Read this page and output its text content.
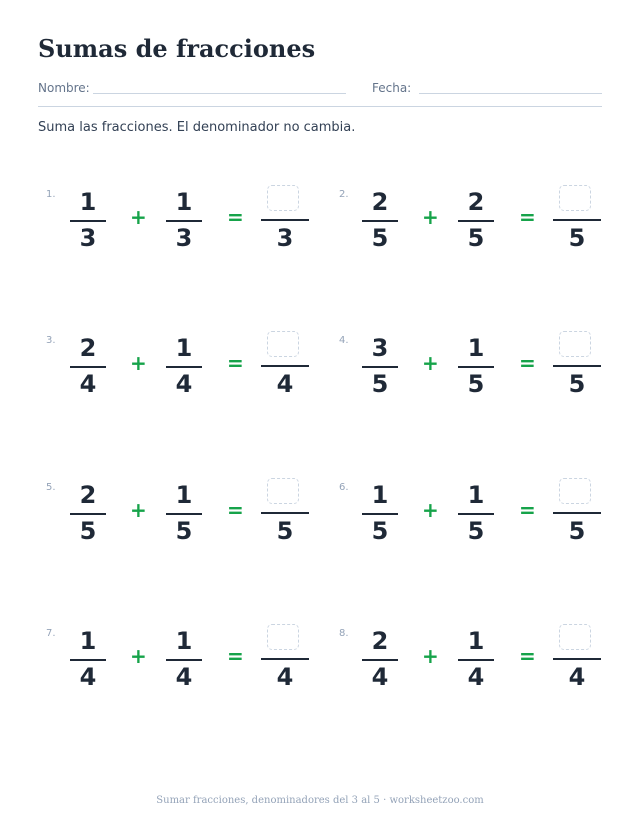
Sumas de fracciones
Nombre:	Fecha:
Suma las fracciones. El denominador no cambia.
1.	1
3
+
1
3
=
3
2. 2
5
+
2
5
=
5
3.	2
4
+
1
4
=
4
4. 3
5
+
1
5
=
5
5.	2
5
+
1
5
=
5
6. 1
5
+
1
5
=
5
7.	1
4
+
1
4
=
4
8. 2
4
+
1
4
=
4
Sumar fracciones, denominadores del 3 al 5 · worksheetzoo.com
